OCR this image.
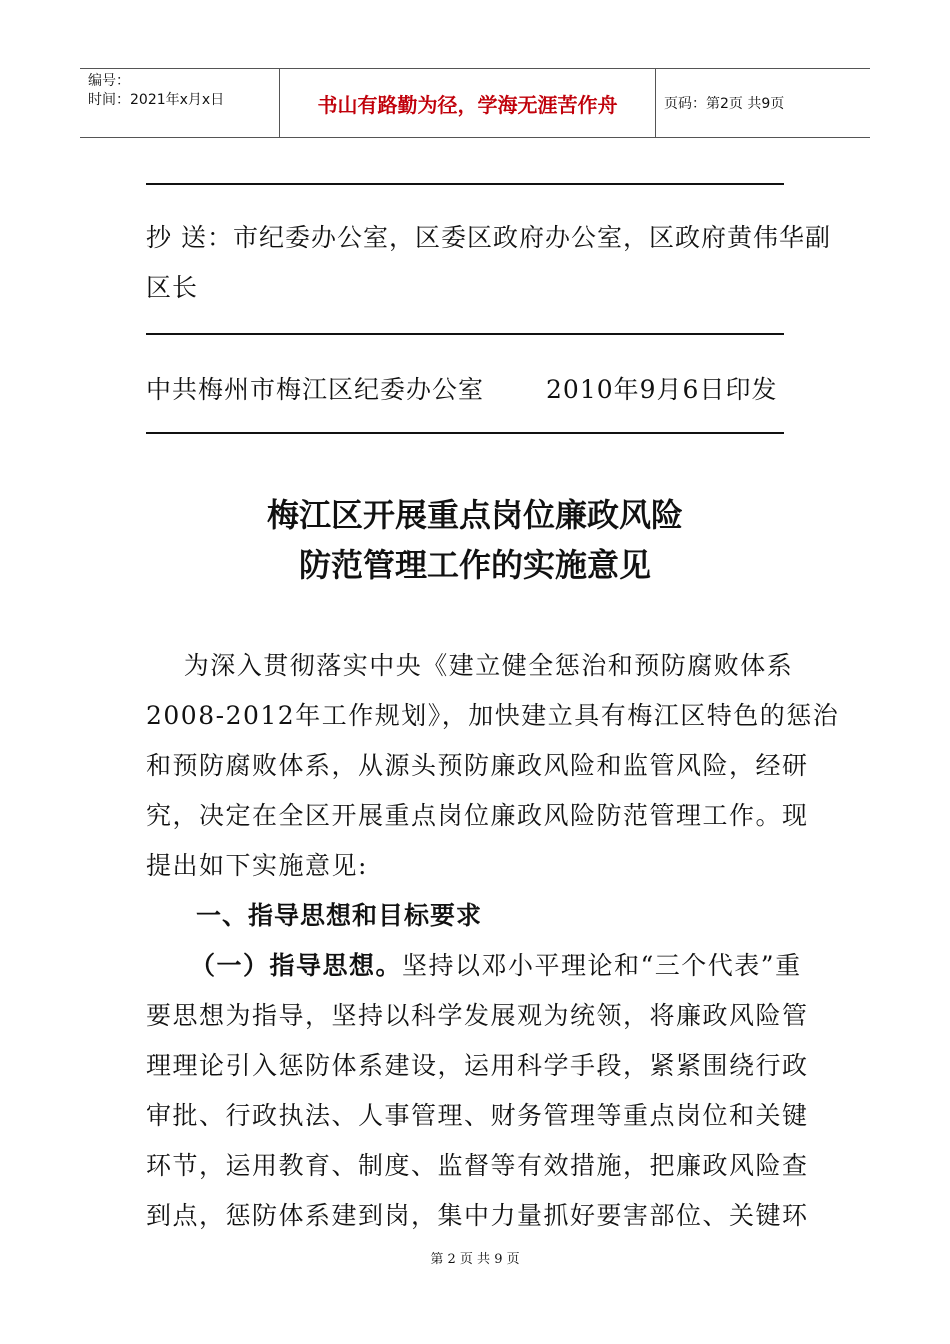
编号：
时间：2021年x月x日	书山有路勤为径，学海无涯苦作舟	页码：第2页 共9页
抄 送：市纪委办公室，区委区政府办公室，区政府黄伟华副
区长
中共梅州市梅江区纪委办公室 2010年9月6日印发
梅江区开展重点岗位廉政风险
防范管理工作的实施意见
为深入贯彻落实中央《建立健全惩治和预防腐败体系
2008-2012年工作规划》，加快建立具有梅江区特色的惩治
和预防腐败体系，从源头预防廉政风险和监管风险，经研
究，决定在全区开展重点岗位廉政风险防范管理工作。现
提出如下实施意见:
一、指导思想和目标要求
（一）指导思想。坚持以邓小平理论和“三个代表”重
要思想为指导，坚持以科学发展观为统领，将廉政风险管
理理论引入惩防体系建设，运用科学手段，紧紧围绕行政
审批、行政执法、人事管理、财务管理等重点岗位和关键
环节，运用教育、制度、监督等有效措施，把廉政风险查
到点，惩防体系建到岗，集中力量抓好要害部位、关键环
第 2 页 共 9 页
